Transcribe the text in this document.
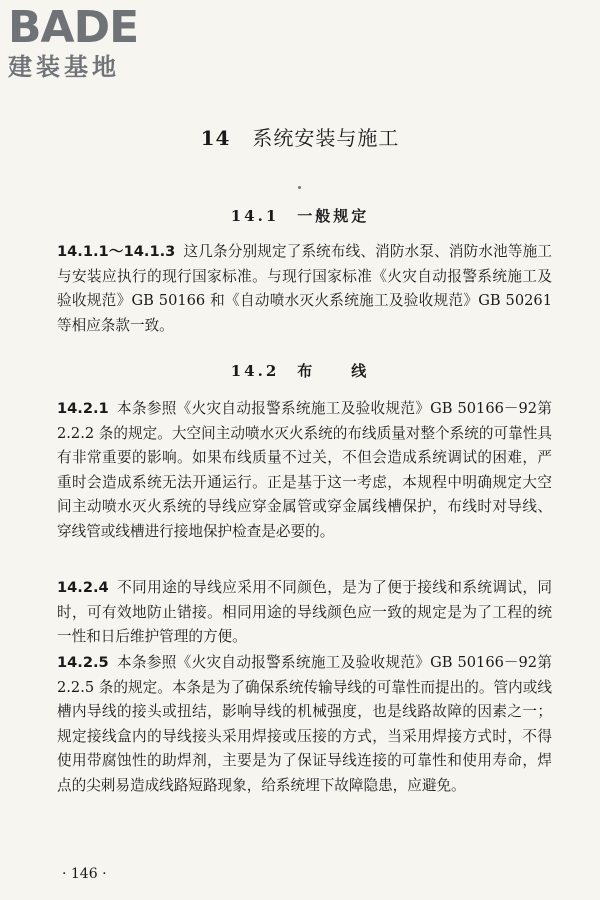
BADE
建装基地
14 系统安装与施工
14.1　一般规定

14.1.1～14.1.3 这几条分别规定了系统布线、消防水泵、消防水池等施工与安装应执行的现行国家标准。与现行国家标准《火灾自动报警系统施工及验收规范》GB 50166 和《自动喷水灭火系统施工及验收规范》GB 50261 等相应条款一致。

14.2　布　　线

14.2.1 本条参照《火灾自动报警系统施工及验收规范》GB 50166－92第 2.2.2 条的规定。大空间主动喷水灭火系统的布线质量对整个系统的可靠性具有非常重要的影响。如果布线质量不过关，不但会造成系统调试的困难，严重时会造成系统无法开通运行。正是基于这一考虑，本规程中明确规定大空间主动喷水灭火系统的导线应穿金属管或穿金属线槽保护，布线时对导线、穿线管或线槽进行接地保护检查是必要的。

14.2.4 不同用途的导线应采用不同颜色，是为了便于接线和系统调试，同时，可有效地防止错接。相同用途的导线颜色应一致的规定是为了工程的统一性和日后维护管理的方便。

14.2.5 本条参照《火灾自动报警系统施工及验收规范》GB 50166－92第 2.2.5 条的规定。本条是为了确保系统传输导线的可靠性而提出的。管内或线槽内导线的接头或扭结，影响导线的机械强度，也是线路故障的因素之一；规定接线盒内的导线接头采用焊接或压接的方式，当采用焊接方式时，不得使用带腐蚀性的助焊剂，主要是为了保证导线连接的可靠性和使用寿命，焊点的尖刺易造成线路短路现象，给系统埋下故障隐患，应避免。

· 146 ·
